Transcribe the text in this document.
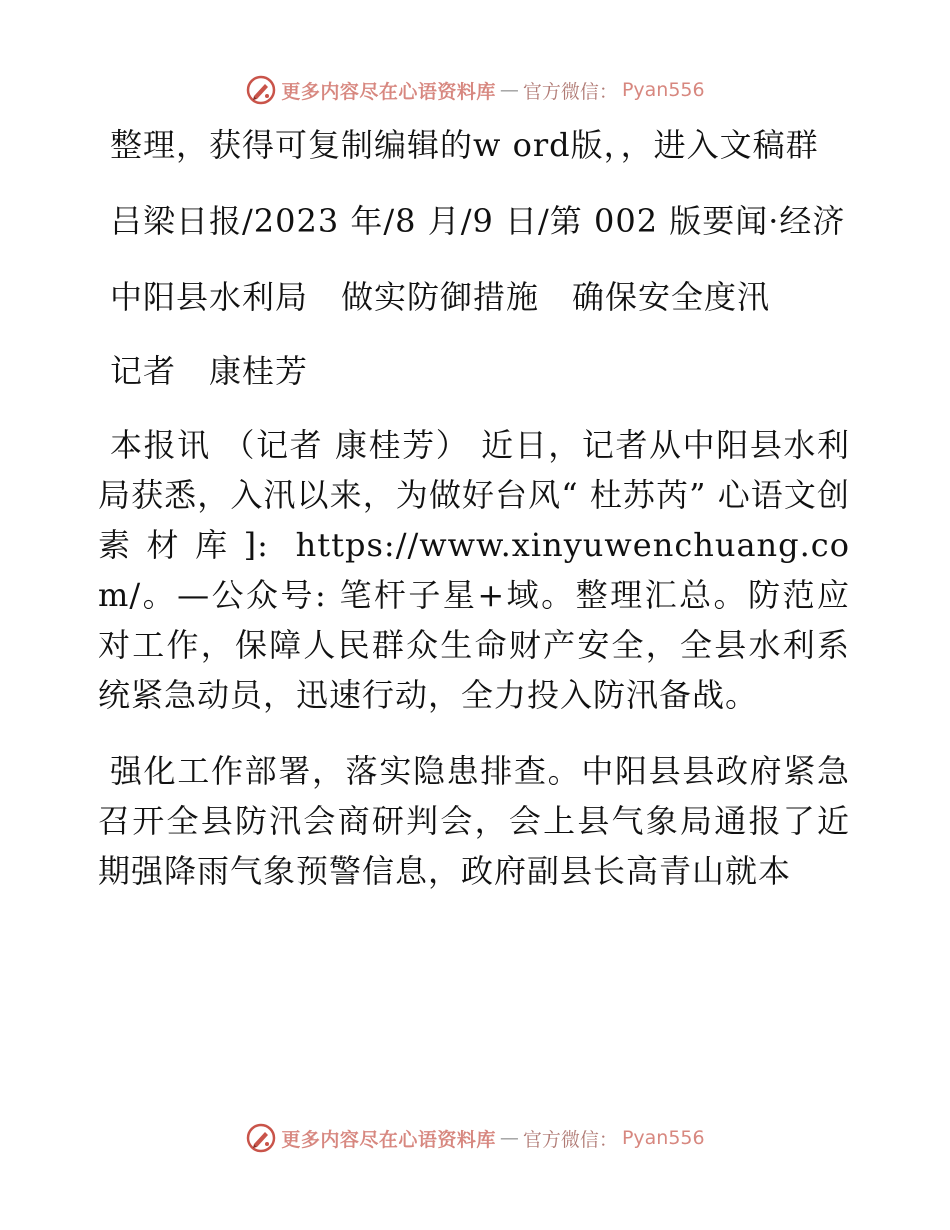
更多内容尽在心语资料库 — 官方微信： Pyan556

整理，获得可复制编辑的w ord版，，进入文稿群

吕梁日报/2023 年/8 月/9 日/第 002 版要闻·经济

中阳县水利局　做实防御措施　确保安全度汛

记者　康桂芳

本报讯 （记者 康桂芳） 近日，记者从中阳县水利局获悉，入汛以来，为做好台风“ 杜苏芮” 心语文创素材库]: https://www.xinyuwenchuang.com/。—公众号: 笔杆子星+域。整理汇总。防范应对工作，保障人民群众生命财产安全，全县水利系统紧急动员，迅速行动，全力投入防汛备战。

强化工作部署，落实隐患排查。中阳县县政府紧急召开全县防汛会商研判会，会上县气象局通报了近期强降雨气象预警信息，政府副县长高青山就本

更多内容尽在心语资料库 — 官方微信： Pyan556
